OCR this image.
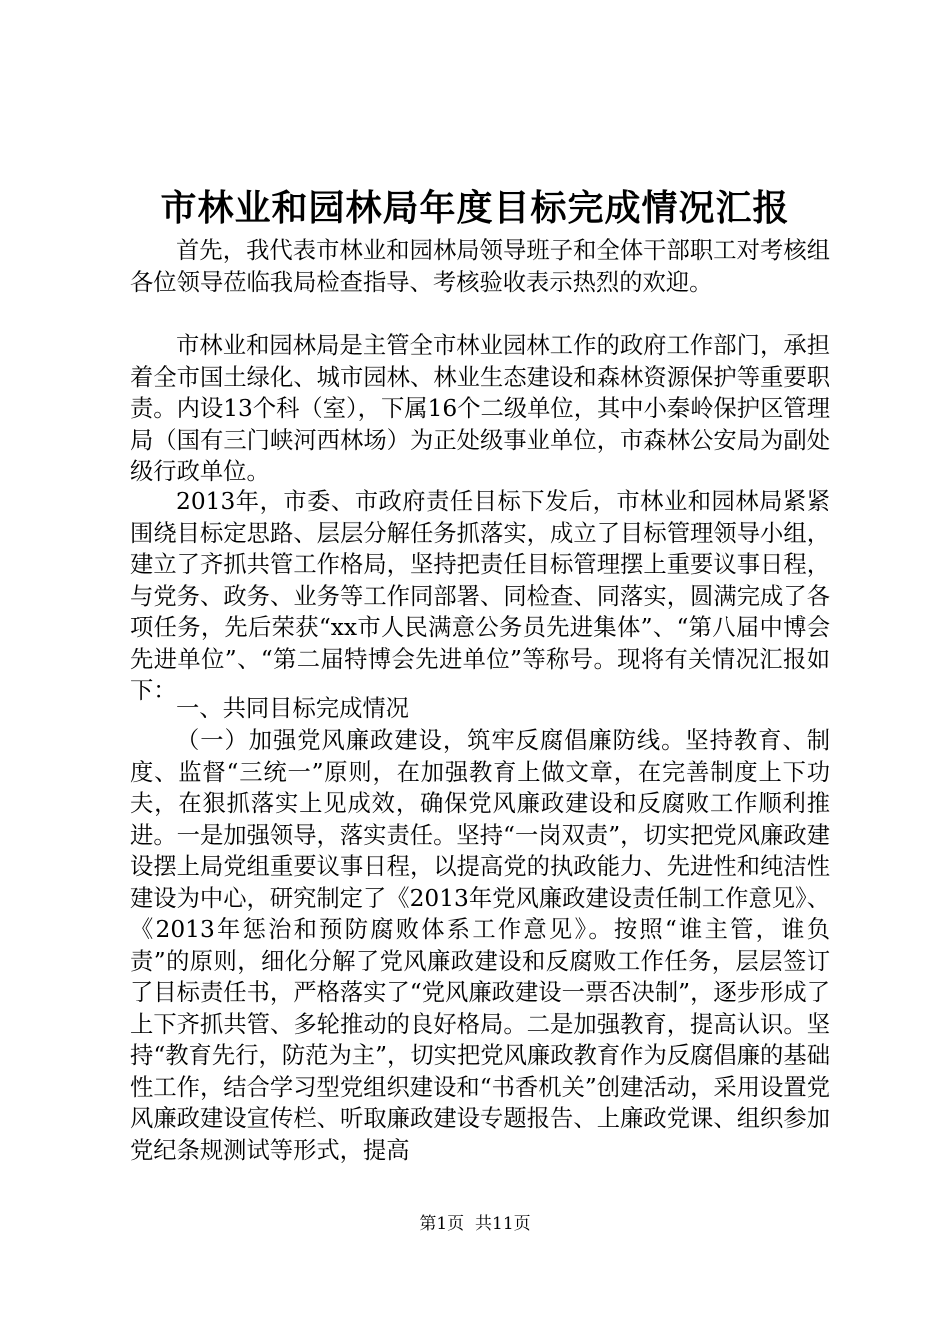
市林业和园林局年度目标完成情况汇报

首先，我代表市林业和园林局领导班子和全体干部职工对考核组各位领导莅临我局检查指导、考核验收表示热烈的欢迎。

市林业和园林局是主管全市林业园林工作的政府工作部门，承担着全市国土绿化、城市园林、林业生态建设和森林资源保护等重要职责。内设13个科（室），下属16个二级单位，其中小秦岭保护区管理局（国有三门峡河西林场）为正处级事业单位，市森林公安局为副处级行政单位。

2013年，市委、市政府责任目标下发后，市林业和园林局紧紧围绕目标定思路、层层分解任务抓落实，成立了目标管理领导小组，建立了齐抓共管工作格局，坚持把责任目标管理摆上重要议事日程，与党务、政务、业务等工作同部署、同检查、同落实，圆满完成了各项任务，先后荣获“xx市人民满意公务员先进集体”、“第八届中博会先进单位”、“第二届特博会先进单位”等称号。现将有关情况汇报如下：

一、共同目标完成情况

（一）加强党风廉政建设，筑牢反腐倡廉防线。坚持教育、制度、监督“三统一”原则，在加强教育上做文章，在完善制度上下功夫，在狠抓落实上见成效，确保党风廉政建设和反腐败工作顺利推进。一是加强领导，落实责任。坚持“一岗双责”，切实把党风廉政建设摆上局党组重要议事日程，以提高党的执政能力、先进性和纯洁性建设为中心，研究制定了《2013年党风廉政建设责任制工作意见》、《2013年惩治和预防腐败体系工作意见》。按照“谁主管，谁负责”的原则，细化分解了党风廉政建设和反腐败工作任务，层层签订了目标责任书，严格落实了“党风廉政建设一票否决制”，逐步形成了上下齐抓共管、多轮推动的良好格局。二是加强教育，提高认识。坚持“教育先行，防范为主”，切实把党风廉政教育作为反腐倡廉的基础性工作，结合学习型党组织建设和“书香机关”创建活动，采用设置党风廉政建设宣传栏、听取廉政建设专题报告、上廉政党课、组织参加党纪条规测试等形式，提高

第1页 共11页
